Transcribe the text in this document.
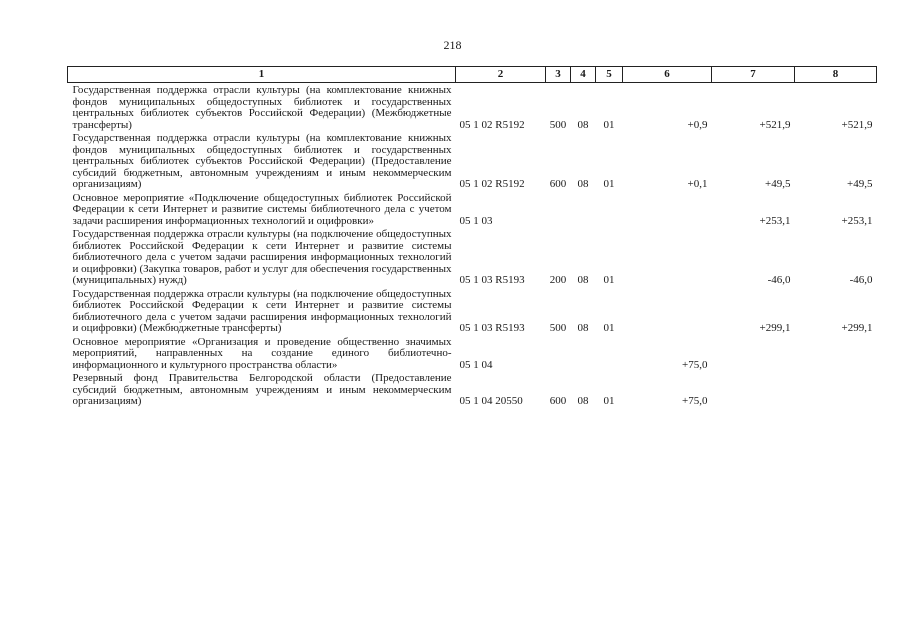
218
1	2	3	4	5	6	7	8
Государственная поддержка отрасли культуры (на комплектование книжных фондов муниципальных общедоступных библиотек и государственных центральных библиотек субъектов Российской Федерации) (Межбюджетные трансферты)	05 1 02 R5192	500	08	01	+0,9	+521,9	+521,9
Государственная поддержка отрасли культуры (на комплектование книжных фондов муниципальных общедоступных библиотек и государственных центральных библиотек субъектов Российской Федерации) (Предоставление субсидий бюджетным, автономным учреждениям и иным некоммерческим организациям)	05 1 02 R5192	600	08	01	+0,1	+49,5	+49,5
Основное мероприятие «Подключение общедоступных библиотек Российской Федерации к сети Интернет и развитие системы библиотечного дела с учетом задачи расширения информационных технологий и оцифровки»	05 1 03					+253,1	+253,1
Государственная поддержка отрасли культуры (на подключение общедоступных библиотек Российской Федерации к сети Интернет и развитие системы библиотечного дела с учетом задачи расширения информационных технологий и оцифровки) (Закупка товаров, работ и услуг для обеспечения государственных (муниципальных) нужд)	05 1 03 R5193	200	08	01		-46,0	-46,0
Государственная поддержка отрасли культуры (на подключение общедоступных библиотек Российской Федерации к сети Интернет и развитие системы библиотечного дела с учетом задачи расширения информационных технологий и оцифровки) (Межбюджетные трансферты)	05 1 03 R5193	500	08	01		+299,1	+299,1
Основное мероприятие «Организация и проведение общественно значимых мероприятий, направленных на создание единого библиотечно-информационного и культурного пространства области»	05 1 04				+75,0		
Резервный фонд Правительства Белгородской области (Предоставление субсидий бюджетным, автономным учреждениям и иным некоммерческим организациям)	05 1 04 20550	600	08	01	+75,0		
